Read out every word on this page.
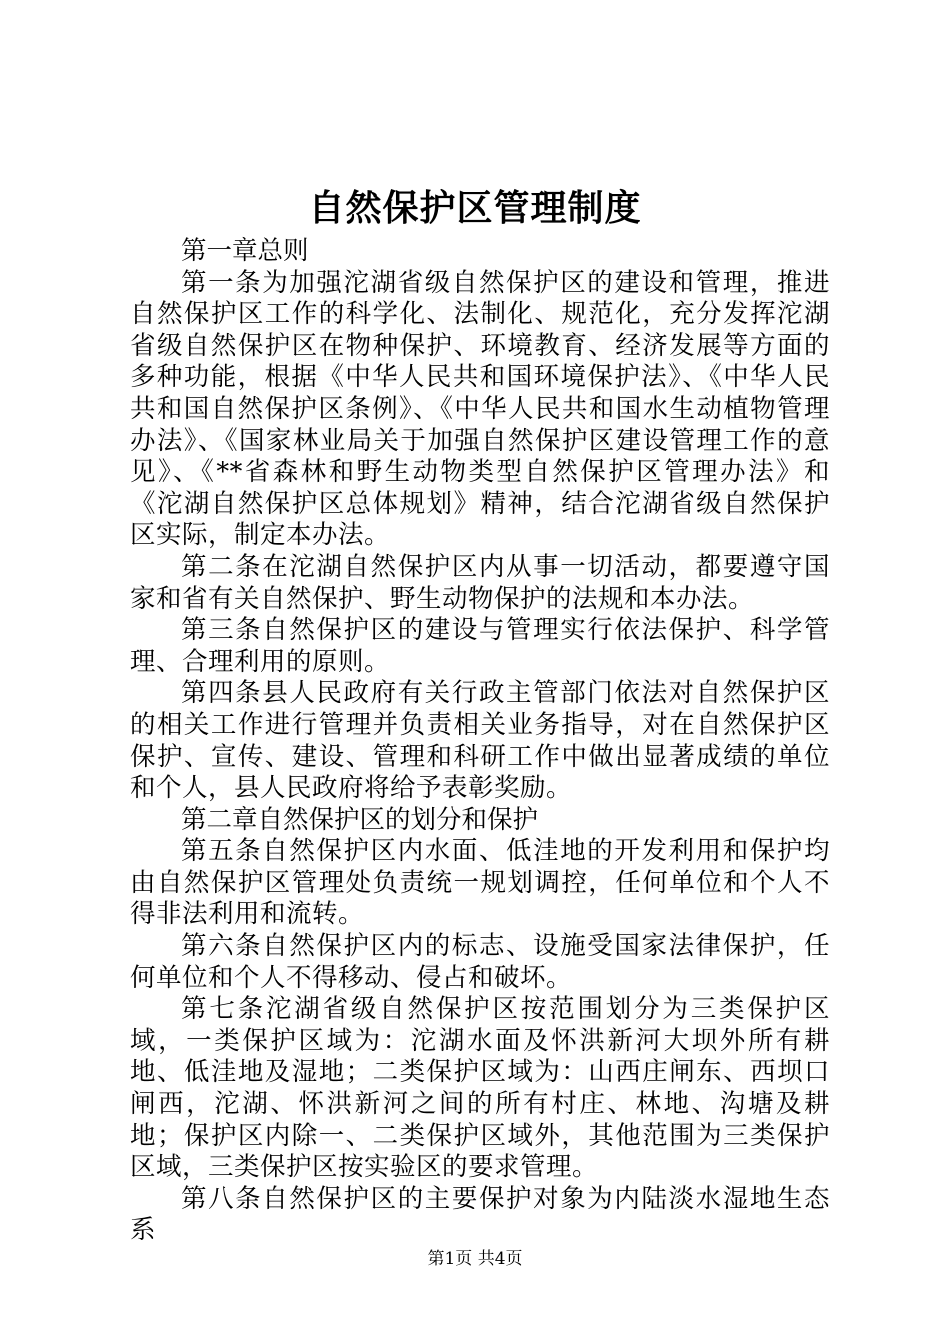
自然保护区管理制度

第一章总则

第一条为加强沱湖省级自然保护区的建设和管理，推进自然保护区工作的科学化、法制化、规范化，充分发挥沱湖省级自然保护区在物种保护、环境教育、经济发展等方面的多种功能，根据《中华人民共和国环境保护法》、《中华人民共和国自然保护区条例》、《中华人民共和国水生动植物管理办法》、《国家林业局关于加强自然保护区建设管理工作的意见》、《**省森林和野生动物类型自然保护区管理办法》和《沱湖自然保护区总体规划》精神，结合沱湖省级自然保护区实际，制定本办法。

第二条在沱湖自然保护区内从事一切活动，都要遵守国家和省有关自然保护、野生动物保护的法规和本办法。

第三条自然保护区的建设与管理实行依法保护、科学管理、合理利用的原则。

第四条县人民政府有关行政主管部门依法对自然保护区的相关工作进行管理并负责相关业务指导，对在自然保护区保护、宣传、建设、管理和科研工作中做出显著成绩的单位和个人，县人民政府将给予表彰奖励。

第二章自然保护区的划分和保护

第五条自然保护区内水面、低洼地的开发利用和保护均由自然保护区管理处负责统一规划调控，任何单位和个人不得非法利用和流转。

第六条自然保护区内的标志、设施受国家法律保护，任何单位和个人不得移动、侵占和破坏。

第七条沱湖省级自然保护区按范围划分为三类保护区域，一类保护区域为：沱湖水面及怀洪新河大坝外所有耕地、低洼地及湿地；二类保护区域为：山西庄闸东、西坝口闸西，沱湖、怀洪新河之间的所有村庄、林地、沟塘及耕地；保护区内除一、二类保护区域外，其他范围为三类保护区域，三类保护区按实验区的要求管理。

第八条自然保护区的主要保护对象为内陆淡水湿地生态系

第1页 共4页
